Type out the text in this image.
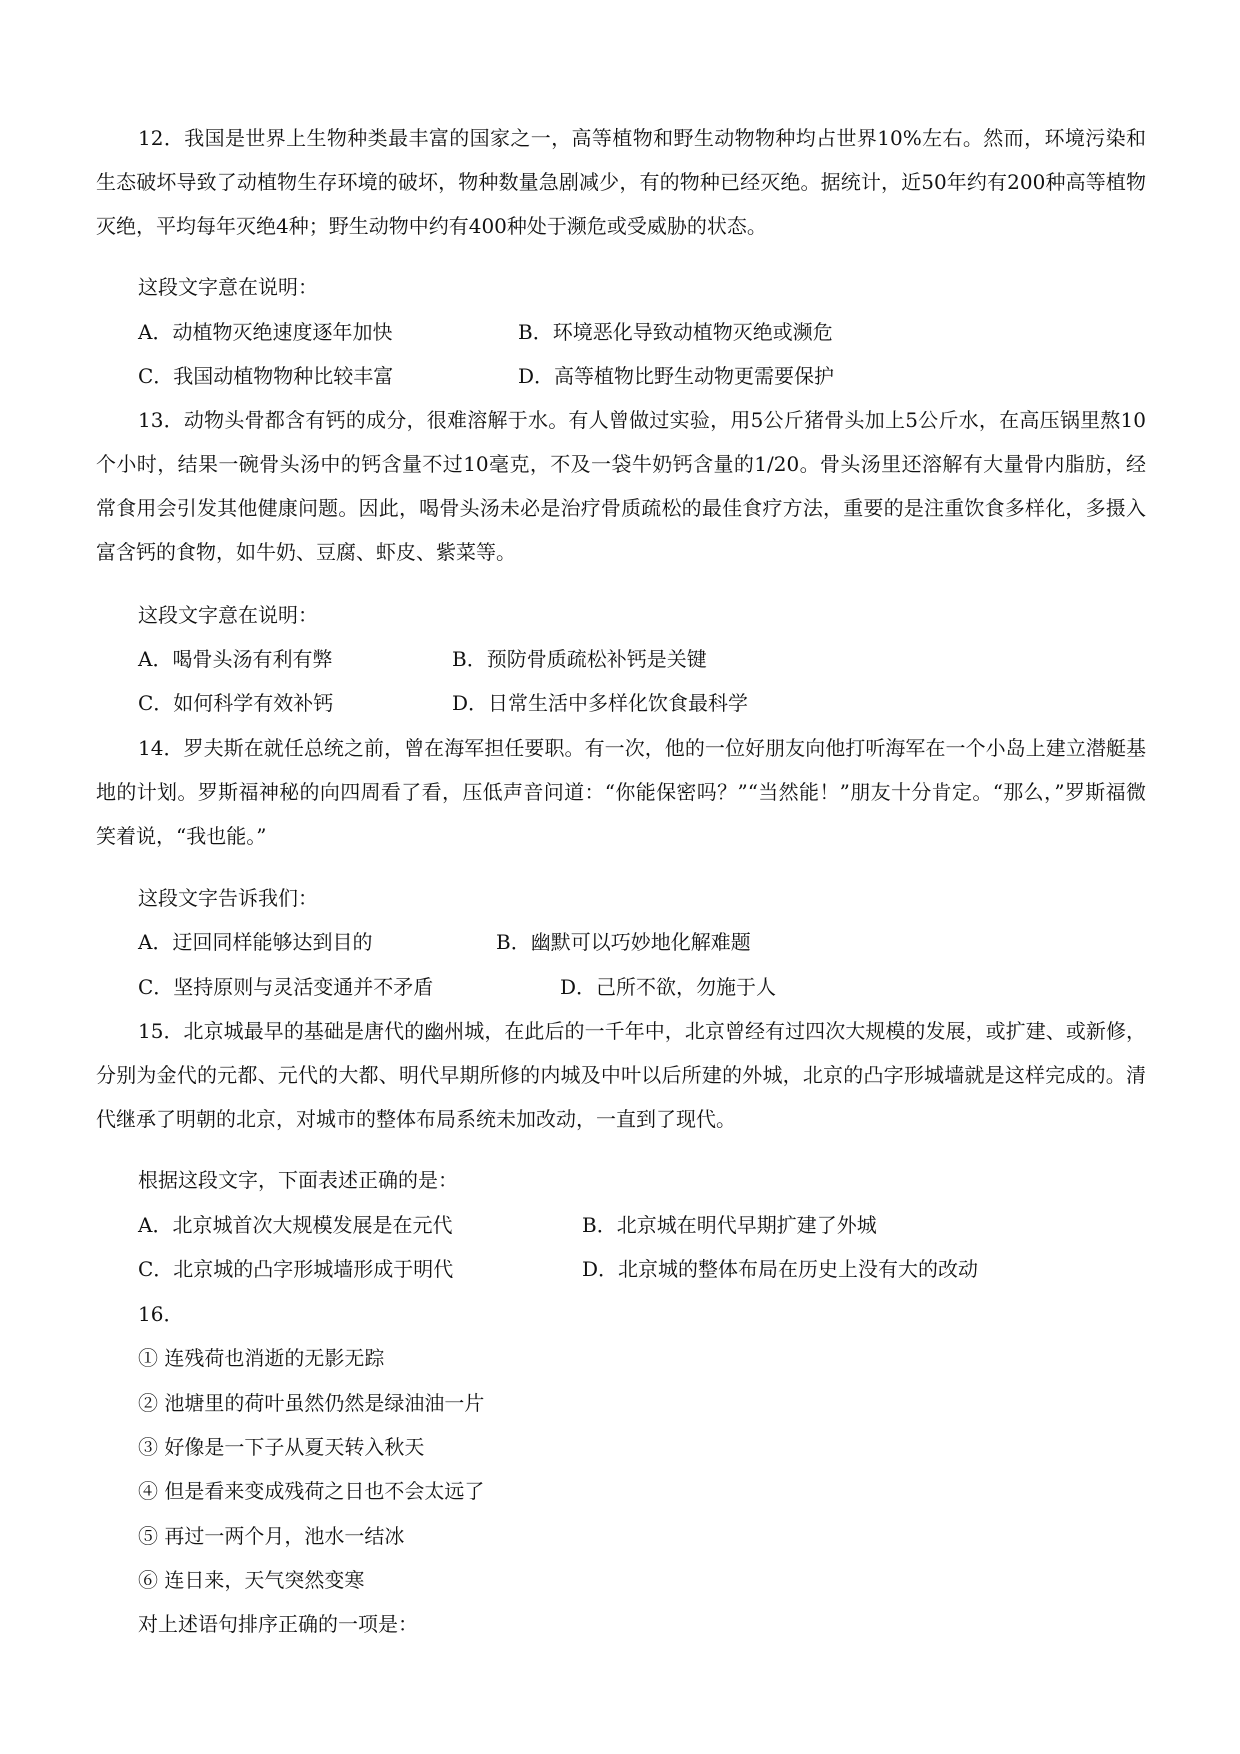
12．我国是世界上生物种类最丰富的国家之一，高等植物和野生动物物种均占世界10%左右。然而，环境污染和生态破坏导致了动植物生存环境的破坏，物种数量急剧减少，有的物种已经灭绝。据统计，近50年约有200种高等植物灭绝，平均每年灭绝4种；野生动物中约有400种处于濒危或受威胁的状态。

这段文字意在说明：

A．动植物灭绝速度逐年加快	B．环境恶化导致动植物灭绝或濒危

C．我国动植物物种比较丰富	D．高等植物比野生动物更需要保护

13．动物头骨都含有钙的成分，很难溶解于水。有人曾做过实验，用5公斤猪骨头加上5公斤水，在高压锅里熬10个小时，结果一碗骨头汤中的钙含量不过10毫克，不及一袋牛奶钙含量的1/20。骨头汤里还溶解有大量骨内脂肪，经常食用会引发其他健康问题。因此，喝骨头汤未必是治疗骨质疏松的最佳食疗方法，重要的是注重饮食多样化，多摄入富含钙的食物，如牛奶、豆腐、虾皮、紫菜等。

这段文字意在说明：

A．喝骨头汤有利有弊	B．预防骨质疏松补钙是关键

C．如何科学有效补钙	D．日常生活中多样化饮食最科学

14．罗夫斯在就任总统之前，曾在海军担任要职。有一次，他的一位好朋友向他打听海军在一个小岛上建立潜艇基地的计划。罗斯福神秘的向四周看了看，压低声音问道：“你能保密吗？”“当然能！”朋友十分肯定。“那么，”罗斯福微笑着说，“我也能。”

这段文字告诉我们：

A．迂回同样能够达到目的	B．幽默可以巧妙地化解难题

C．坚持原则与灵活变通并不矛盾	D．己所不欲，勿施于人

15．北京城最早的基础是唐代的幽州城，在此后的一千年中，北京曾经有过四次大规模的发展，或扩建、或新修，分别为金代的元都、元代的大都、明代早期所修的内城及中叶以后所建的外城，北京的凸字形城墙就是这样完成的。清代继承了明朝的北京，对城市的整体布局系统未加改动，一直到了现代。

根据这段文字，下面表述正确的是：

A．北京城首次大规模发展是在元代	B．北京城在明代早期扩建了外城

C．北京城的凸字形城墙形成于明代	D．北京城的整体布局在历史上没有大的改动

16．

① 连残荷也消逝的无影无踪

② 池塘里的荷叶虽然仍然是绿油油一片

③ 好像是一下子从夏天转入秋天

④ 但是看来变成残荷之日也不会太远了

⑤ 再过一两个月，池水一结冰

⑥ 连日来，天气突然变寒

对上述语句排序正确的一项是：
